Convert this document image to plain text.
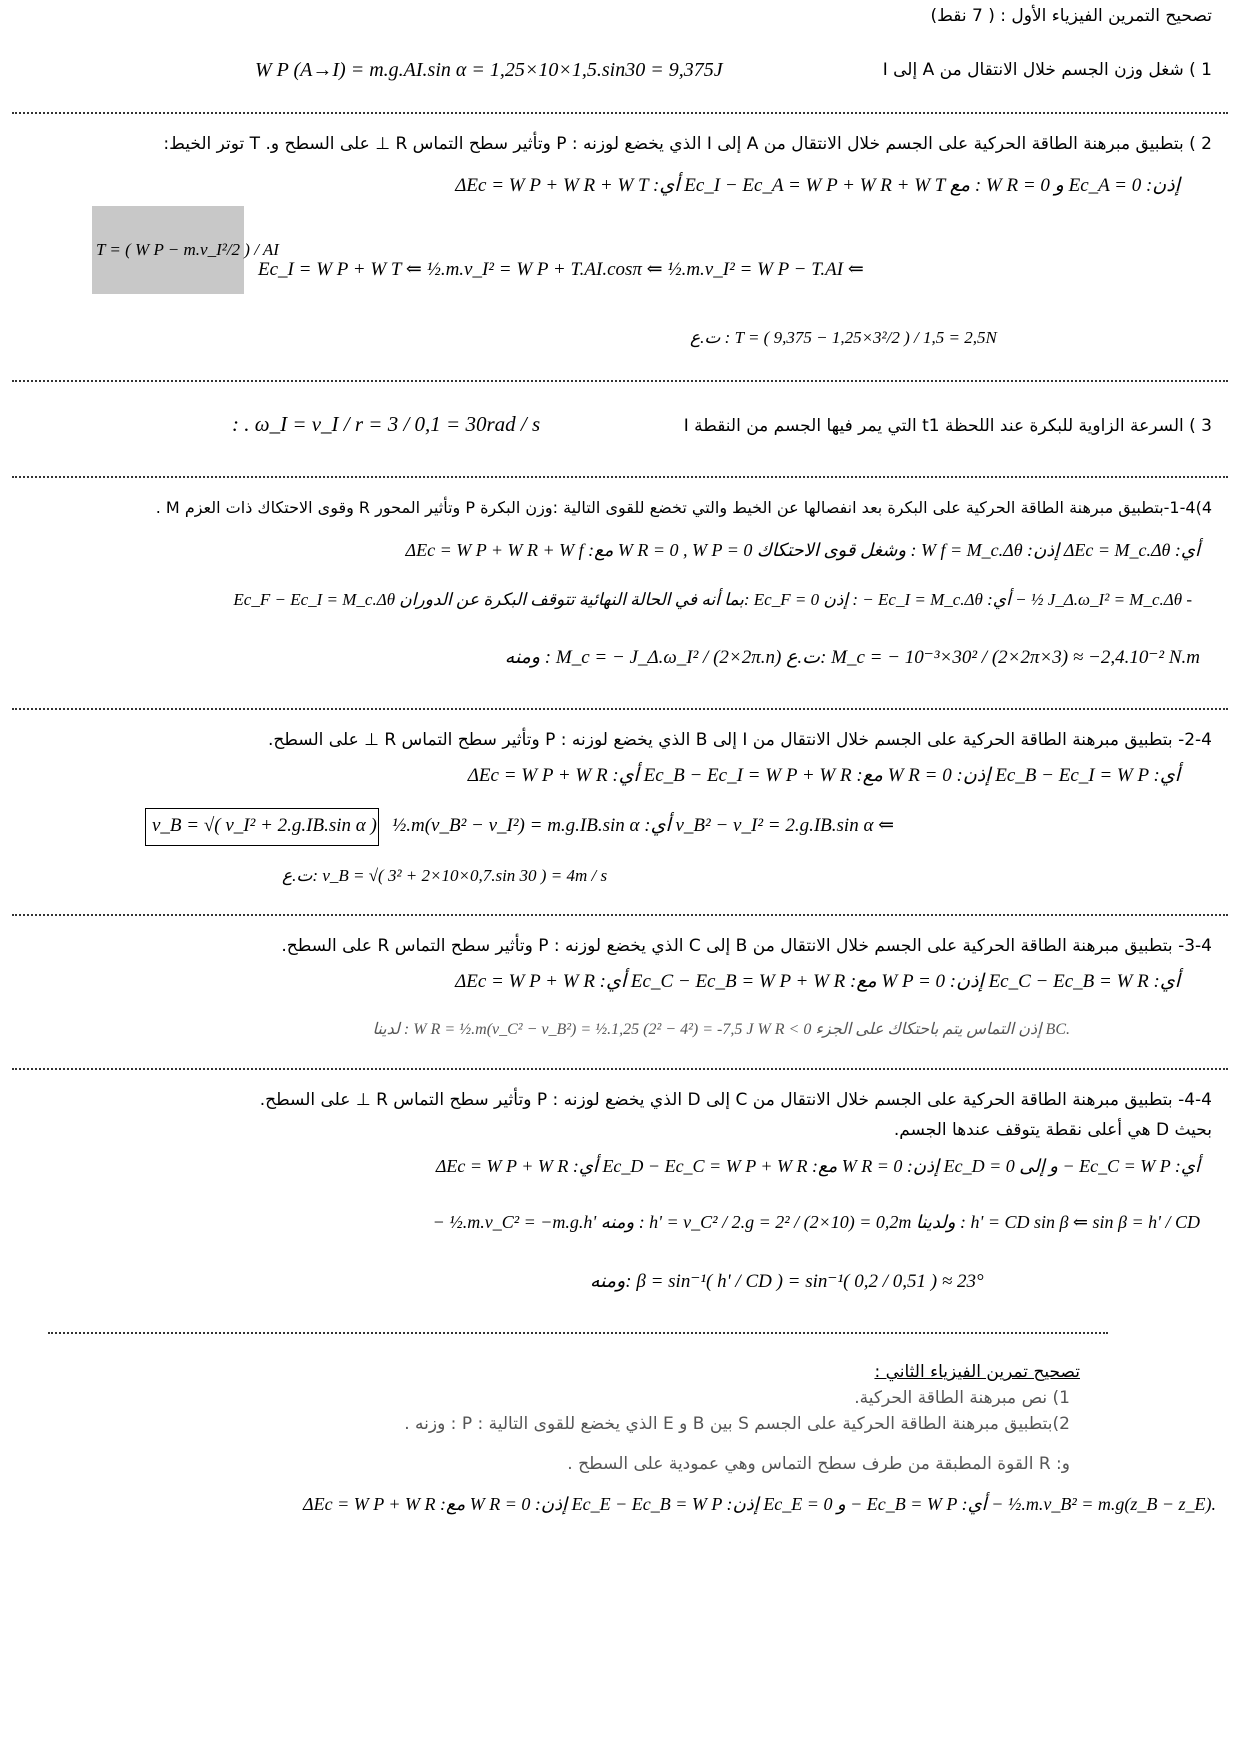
تصحيح التمرين الفيزياء الأول : ( 7 نقط)
1 ) شغل وزن الجسم خلال الانتقال من A إلى I
W P (A→I) = m.g.AI.sin α = 1,25×10×1,5.sin30 = 9,375J
2 ) بتطبيق مبرهنة الطاقة الحركية على الجسم خلال الانتقال من A إلى I الذي يخضع لوزنه : P وتأثير سطح التماس R ⊥ على السطح و. T توتر الخيط:
ΔEc = W P + W R + W T :أي Ec_I − Ec_A = W P + W R + W T مع : W R = 0 و Ec_A = 0 :إذن
T = ( W P − m.v_I²/2 ) / AI
Ec_I = W P + W T ⇐ ½.m.v_I² = W P + T.AI.cosπ ⇐ ½.m.v_I² = W P − T.AI ⇐
ت.ع : T = ( 9,375 − 1,25×3²/2 ) / 1,5 = 2,5N
3 ) السرعة الزاوية للبكرة عند اللحظة t1 التي يمر فيها الجسم من النقطة I
: . ω_I = v_I / r = 3 / 0,1 = 30rad / s
4)1-4-بتطبيق مبرهنة الطاقة الحركية على البكرة بعد انفصالها عن الخيط والتي تخضع للقوى التالية :وزن البكرة P وتأثير المحور R وقوى الاحتكاك ذات العزم M .
ΔEc = W P + W R + W f :مع W R = 0 , W P = 0 وشغل قوى الاحتكاك : W f = M_c.Δθ :إذن ΔEc = M_c.Δθ :أي
Ec_F − Ec_I = M_c.Δθ بما أنه في الحالة النهائية تتوقف البكرة عن الدوران: Ec_F = 0 إذن : − Ec_I = M_c.Δθ :أي − ½ J_Δ.ω_I² = M_c.Δθ -
ومنه : M_c = − J_Δ.ω_I² / (2×2π.n) ت.ع: M_c = − 10⁻³×30² / (2×2π×3) ≈ −2,4.10⁻² N.m
2-4- بتطبيق مبرهنة الطاقة الحركية على الجسم خلال الانتقال من I إلى B الذي يخضع لوزنه : P وتأثير سطح التماس R ⊥ على السطح.
ΔEc = W P + W R :أي Ec_B − Ec_I = W P + W R :مع W R = 0 :إذن Ec_B − Ec_I = W P :أي
v_B = √( v_I² + 2.g.IB.sin α ) ½.m(v_B² − v_I²) = m.g.IB.sin α :أي v_B² − v_I² = 2.g.IB.sin α ⇐
ت.ع: v_B = √( 3² + 2×10×0,7.sin 30 ) = 4m / s
3-4- بتطبيق مبرهنة الطاقة الحركية على الجسم خلال الانتقال من B إلى C الذي يخضع لوزنه : P وتأثير سطح التماس R على السطح.
ΔEc = W P + W R :أي Ec_C − Ec_B = W P + W R :مع W P = 0 :إذن Ec_C − Ec_B = W R :أي
لدينا : W R = ½.m(v_C² − v_B²) = ½.1,25 (2² − 4²) = -7,5 J W R < 0 إذن التماس يتم باحتكاك على الجزء BC.
4-4- بتطبيق مبرهنة الطاقة الحركية على الجسم خلال الانتقال من C إلى D الذي يخضع لوزنه : P وتأثير سطح التماس R ⊥ على السطح.
بحيث D هي أعلى نقطة يتوقف عندها الجسم.
ΔEc = W P + W R :أي Ec_D − Ec_C = W P + W R :مع W R = 0 :إذن Ec_D = 0 و إلى − Ec_C = W P :أي
− ½.m.v_C² = −m.g.h' ومنه : h' = v_C² / 2.g = 2² / (2×10) = 0,2m ولدينا : h' = CD sin β ⇐ sin β = h' / CD
ومنه: β = sin⁻¹( h' / CD ) = sin⁻¹( 0,2 / 0,51 ) ≈ 23°
تصحيح تمرين الفيزياء الثاني :
1) نص مبرهنة الطاقة الحركية.
2)بتطبيق مبرهنة الطاقة الحركية على الجسم S بين B و E الذي يخضع للقوى التالية : P : وزنه .
و: R القوة المطبقة من طرف سطح التماس وهي عمودية على السطح .
ΔEc = W P + W R :مع W R = 0 :إذن Ec_E − Ec_B = W P :إذن Ec_E = 0 و − Ec_B = W P :أي − ½.m.v_B² = m.g(z_B − z_E).
